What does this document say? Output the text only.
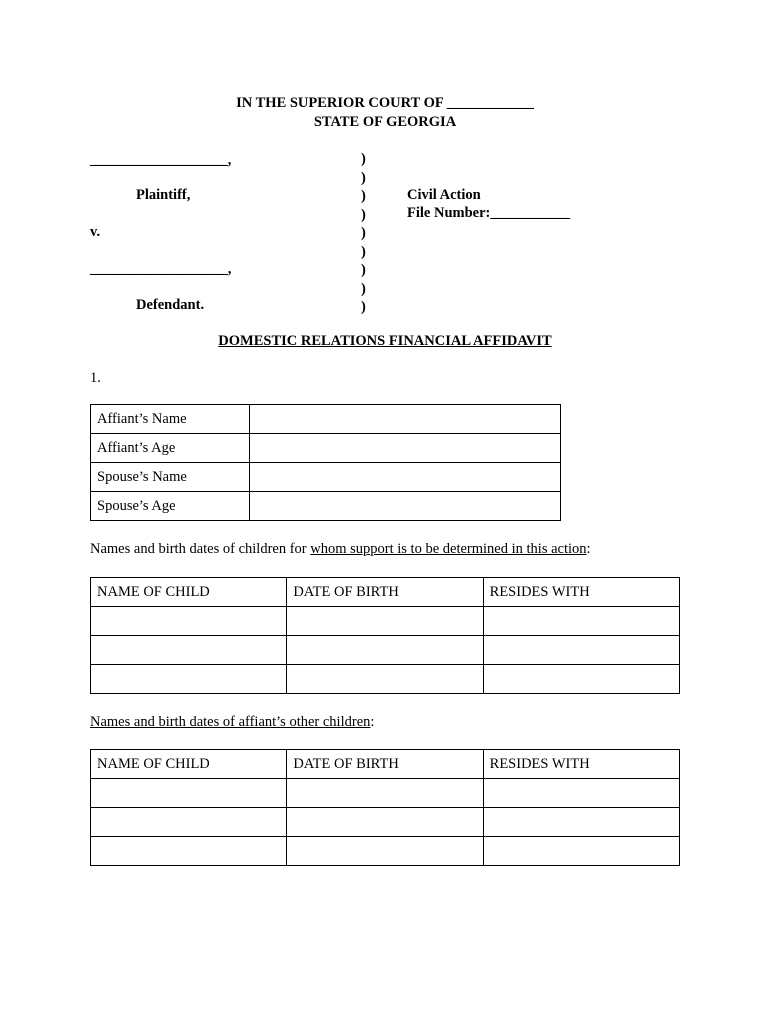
IN THE SUPERIOR COURT OF ____________
STATE OF GEORGIA
___________________,
Plaintiff,
v.
___________________,
Defendant.
)
)
)
)
)
)
)
)
)
Civil Action
File Number:___________
DOMESTIC RELATIONS FINANCIAL AFFIDAVIT
1.
Affiant’s Name	
Affiant’s Age	
Spouse’s Name	
Spouse’s Age	
Names and birth dates of children for whom support is to be determined in this action:
NAME OF CHILD	DATE OF BIRTH	RESIDES WITH

Names and birth dates of affiant’s other children:
NAME OF CHILD	DATE OF BIRTH	RESIDES WITH
